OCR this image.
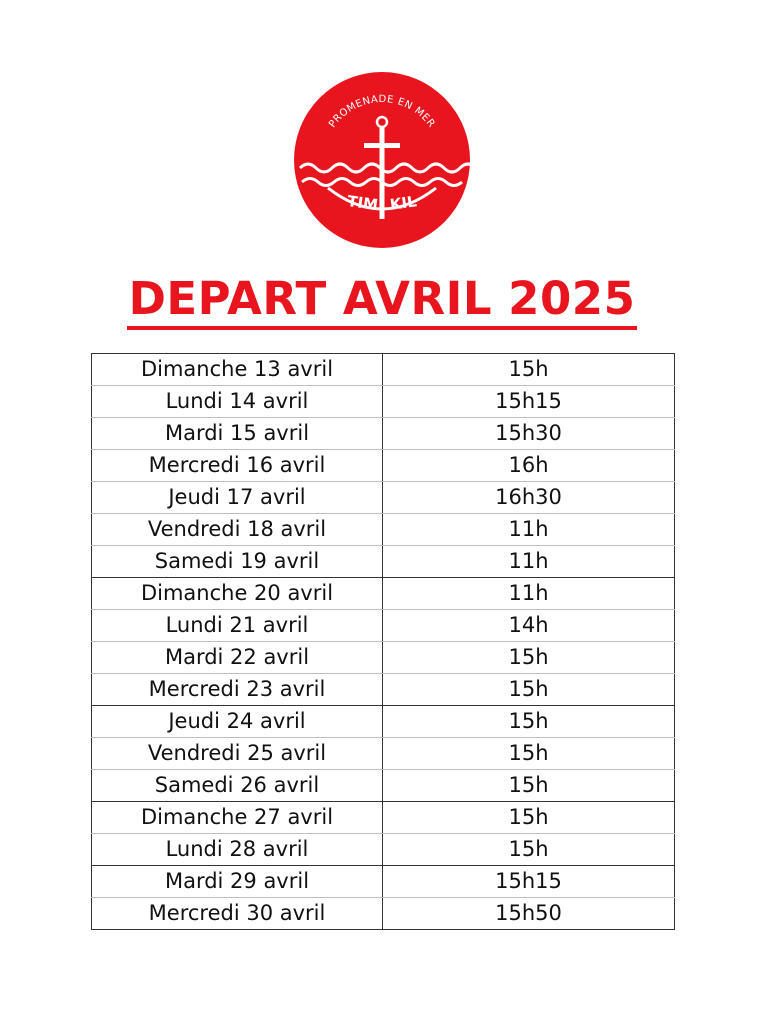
PROMENADE EN MER
TIM KIL
DEPART AVRIL 2025
Dimanche 13 avril	15h
Lundi 14 avril	15h15
Mardi 15 avril	15h30
Mercredi 16 avril	16h
Jeudi 17 avril	16h30
Vendredi 18 avril	11h
Samedi 19 avril	11h
Dimanche 20 avril	11h
Lundi 21 avril	14h
Mardi 22 avril	15h
Mercredi 23 avril	15h
Jeudi 24 avril	15h
Vendredi 25 avril	15h
Samedi 26 avril	15h
Dimanche 27 avril	15h
Lundi 28 avril	15h
Mardi 29 avril	15h15
Mercredi 30 avril	15h50
